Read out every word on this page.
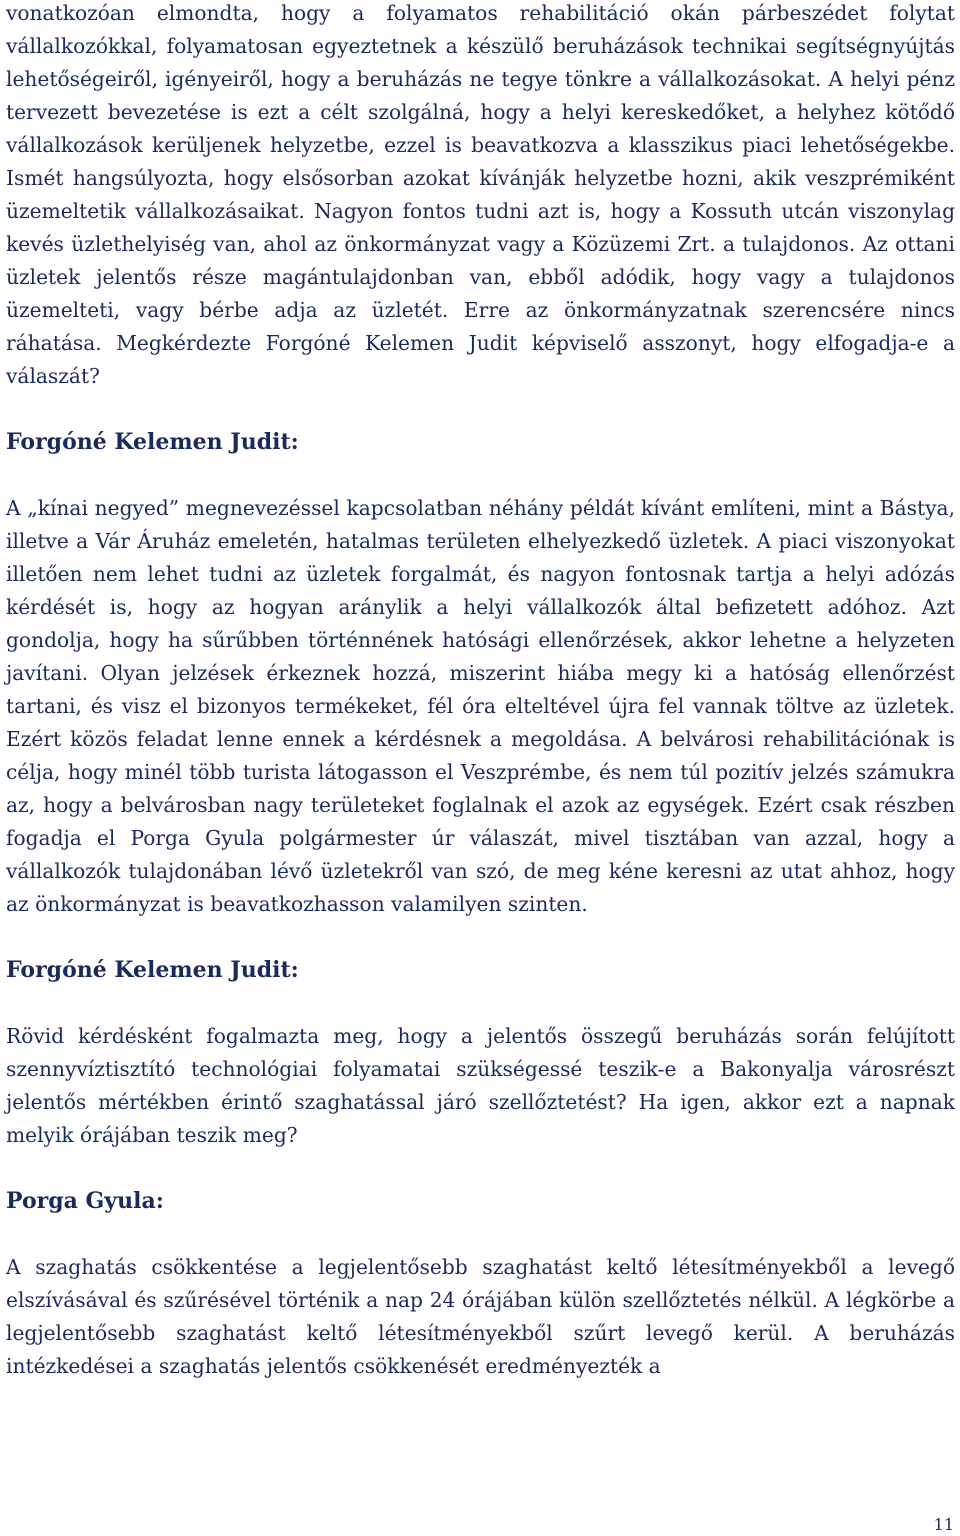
vonatkozóan elmondta, hogy a folyamatos rehabilitáció okán párbeszédet folytat vállalkozókkal, folyamatosan egyeztetnek a készülő beruházások technikai segítségnyújtás lehetőségeiről, igényeiről, hogy a beruházás ne tegye tönkre a vállalkozásokat. A helyi pénz tervezett bevezetése is ezt a célt szolgálná, hogy a helyi kereskedőket, a helyhez kötődő vállalkozások kerüljenek helyzetbe, ezzel is beavatkozva a klasszikus piaci lehetőségekbe. Ismét hangsúlyozta, hogy elsősorban azokat kívánják helyzetbe hozni, akik veszprémiként üzemeltetik vállalkozásaikat. Nagyon fontos tudni azt is, hogy a Kossuth utcán viszonylag kevés üzlethelyiség van, ahol az önkormányzat vagy a Közüzemi Zrt. a tulajdonos. Az ottani üzletek jelentős része magántulajdonban van, ebből adódik, hogy vagy a tulajdonos üzemelteti, vagy bérbe adja az üzletét. Erre az önkormányzatnak szerencsére nincs ráhatása. Megkérdezte Forgóné Kelemen Judit képviselő asszonyt, hogy elfogadja-e a válaszát?

Forgóné Kelemen Judit:

A „kínai negyed” megnevezéssel kapcsolatban néhány példát kívánt említeni, mint a Bástya, illetve a Vár Áruház emeletén, hatalmas területen elhelyezkedő üzletek. A piaci viszonyokat illetően nem lehet tudni az üzletek forgalmát, és nagyon fontosnak tartja a helyi adózás kérdését is, hogy az hogyan aránylik a helyi vállalkozók által befizetett adóhoz. Azt gondolja, hogy ha sűrűbben történnének hatósági ellenőrzések, akkor lehetne a helyzeten javítani. Olyan jelzések érkeznek hozzá, miszerint hiába megy ki a hatóság ellenőrzést tartani, és visz el bizonyos termékeket, fél óra elteltével újra fel vannak töltve az üzletek. Ezért közös feladat lenne ennek a kérdésnek a megoldása. A belvárosi rehabilitációnak is célja, hogy minél több turista látogasson el Veszprémbe, és nem túl pozitív jelzés számukra az, hogy a belvárosban nagy területeket foglalnak el azok az egységek. Ezért csak részben fogadja el Porga Gyula polgármester úr válaszát, mivel tisztában van azzal, hogy a vállalkozók tulajdonában lévő üzletekről van szó, de meg kéne keresni az utat ahhoz, hogy az önkormányzat is beavatkozhasson valamilyen szinten.

Forgóné Kelemen Judit:

Rövid kérdésként fogalmazta meg, hogy a jelentős összegű beruházás során felújított szennyvíztisztító technológiai folyamatai szükségessé teszik-e a Bakonyalja városrészt jelentős mértékben érintő szaghatással járó szellőztetést? Ha igen, akkor ezt a napnak melyik órájában teszik meg?

Porga Gyula:

A szaghatás csökkentése a legjelentősebb szaghatást keltő létesítményekből a levegő elszívásával és szűrésével történik a nap 24 órájában külön szellőztetés nélkül. A légkörbe a legjelentősebb szaghatást keltő létesítményekből szűrt levegő kerül. A beruházás intézkedései a szaghatás jelentős csökkenését eredményezték a

11
